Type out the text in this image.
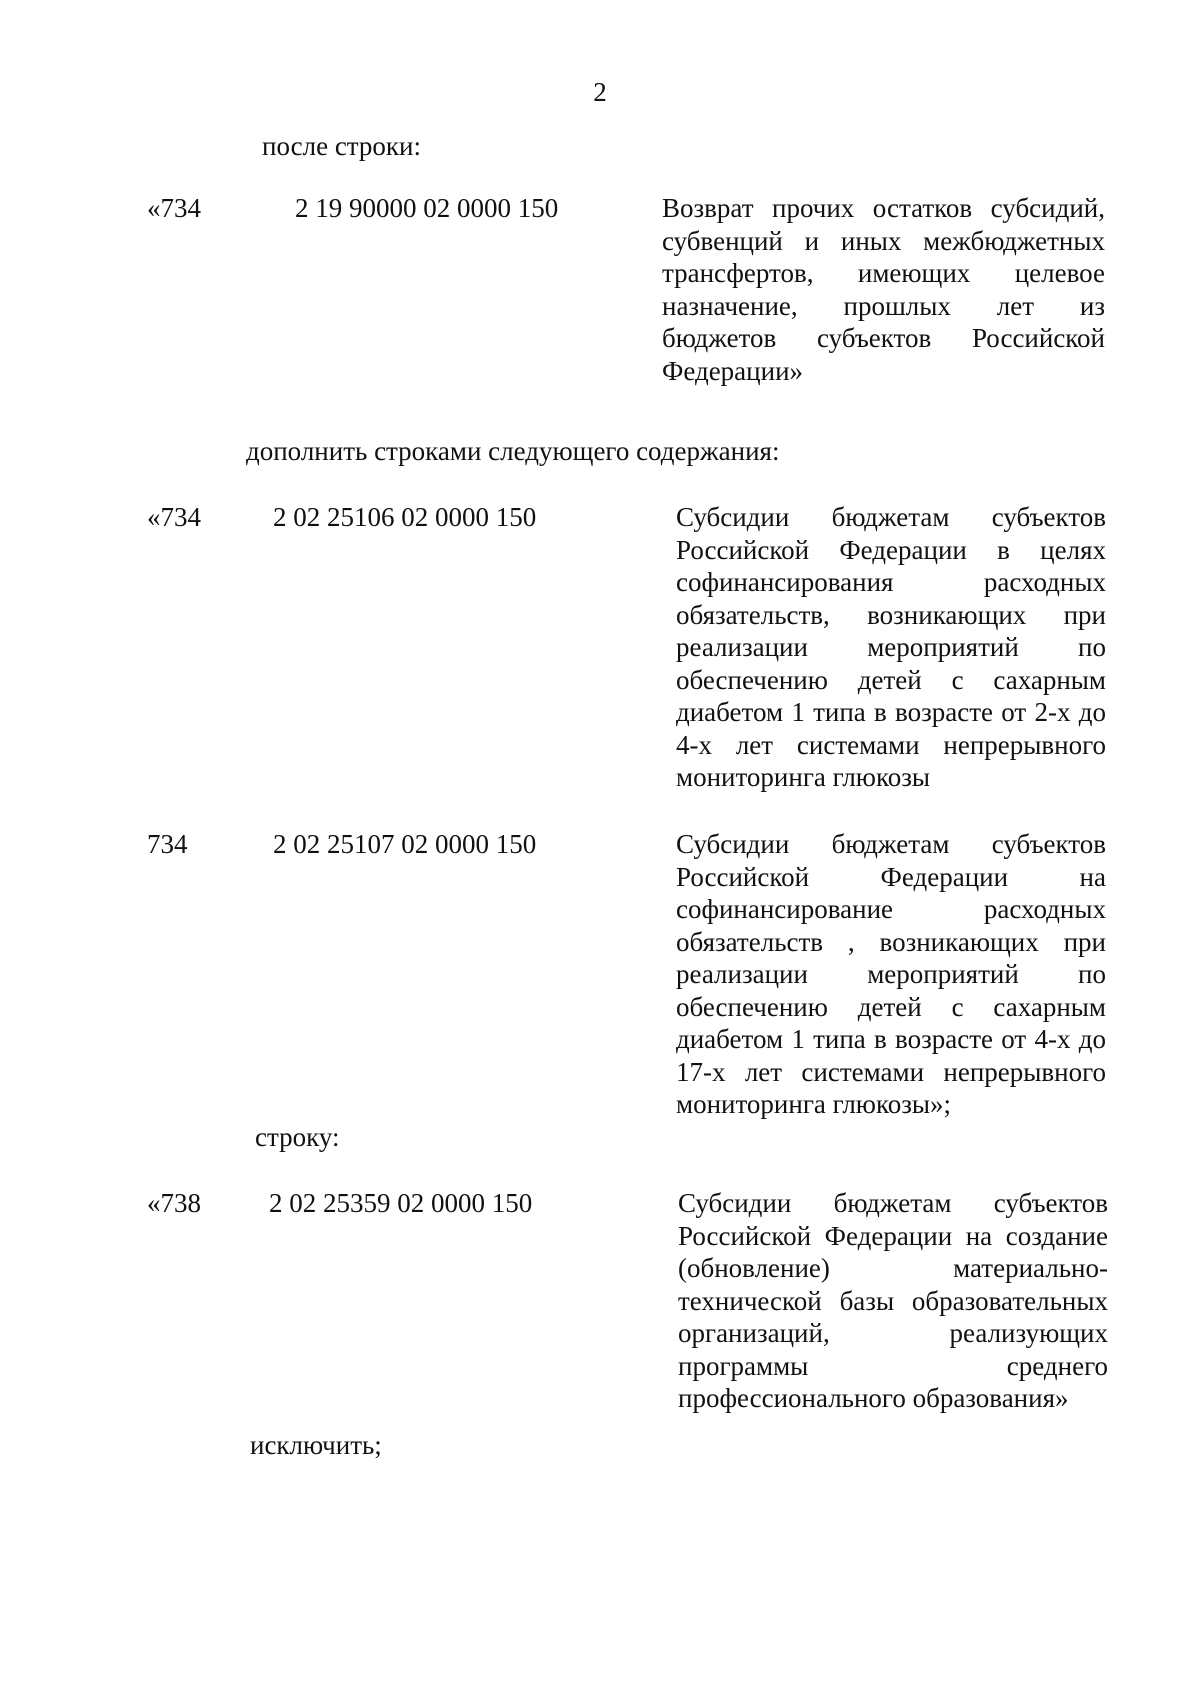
2
после строки:
«734	2 19 90000 02 0000 150	Возврат прочих остатков субсидий,
субвенций и иных межбюджетных
трансфертов, имеющих целевое
назначение, прошлых лет из
бюджетов субъектов Российской
Федерации»
дополнить строками следующего содержания:
«734	2 02 25106 02 0000 150	Субсидии бюджетам субъектов
Российской Федерации в целях
софинансирования расходных
обязательств, возникающих при
реализации мероприятий по
обеспечению детей с сахарным
диабетом 1 типа в возрасте от 2-х до
4-х лет системами непрерывного
мониторинга глюкозы
734	2 02 25107 02 0000 150	Субсидии бюджетам субъектов
Российской Федерации на
софинансирование расходных
обязательств , возникающих при
реализации мероприятий по
обеспечению детей с сахарным
диабетом 1 типа в возрасте от 4-х до
17-х лет системами непрерывного
мониторинга глюкозы»;
строку:
«738	2 02 25359 02 0000 150	Субсидии бюджетам субъектов
Российской Федерации на создание
(обновление) материально-
технической базы образовательных
организаций, реализующих
программы среднего
профессионального образования»
исключить;
